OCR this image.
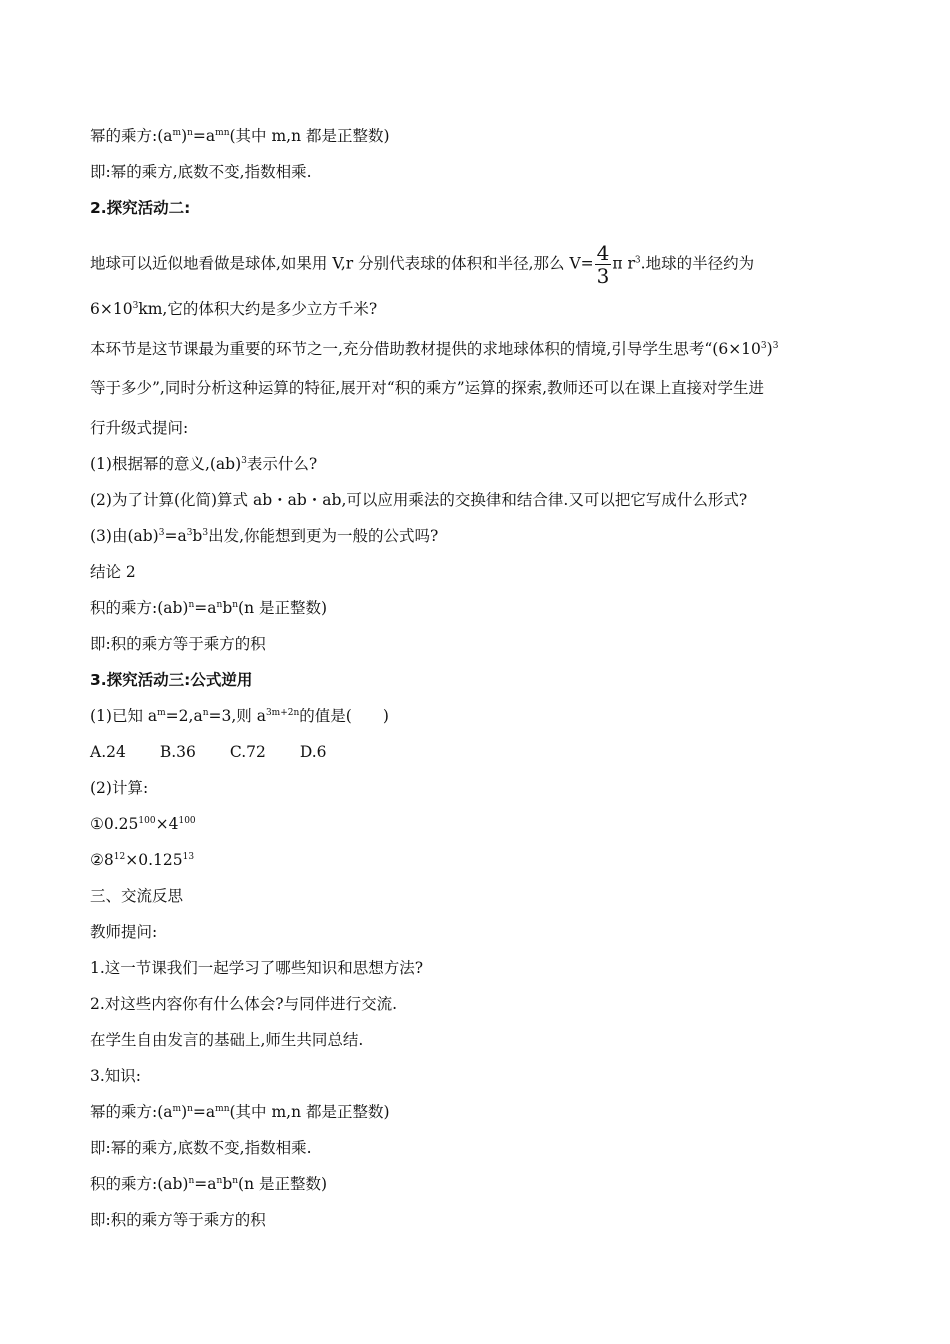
幂的乘方$:(a^m)^n=a^{mn}$(其中 m,n 都是正整数)
即:幂的乘方,底数不变,指数相乘.
2.探究活动二:
地球可以近似地看做是球体,如果用 V,r 分别代表球的体积和半径,那么 $V= \frac{4}{3}$ π $r^3$.地球的半径约为
$6\times 10^3km$,它的体积大约是多少立方千米?
本环节是这节课最为重要的环节之一,充分借助教材提供的求地球体积的情境,引导学生思考“$(6\times 10^3)^3$
等于多少”,同时分析这种运算的特征,展开对“积的乘方”运算的探索,教师还可以在课上直接对学生进
行升级式提问:
(1)根据幂的意义,(ab)$^3$表示什么?
(2)为了计算(化简)算式 ab・ab・ab,可以应用乘法的交换律和结合律.又可以把它写成什么形式?
(3)由$(ab)^3=a^3b^3$出发,你能想到更为一般的公式吗?
结论 2
积的乘方$:(ab)^n=a^nb^n(n$ 是正整数)
即:积的乘方等于乘方的积
3.探究活动三:公式逆用
(1)已知 $a^m=2,a^n=3$,则 $a^{3m+2n}$的值是(　　)
A.24 B.36 C.72 D.6
(2)计算:
$①0.25^{100}\times 4^{100}$
$②8^{12}\times 0.125^{13}$
三、交流反思
教师提问:
1.这一节课我们一起学习了哪些知识和思想方法?
2.对这些内容你有什么体会?与同伴进行交流.
在学生自由发言的基础上,师生共同总结.
3.知识:
幂的乘方$:(a^m)^n=a^{mn}$(其中 m,n 都是正整数)
即:幂的乘方,底数不变,指数相乘.
积的乘方$:(ab)^n=a^nb^n(n$ 是正整数)
即:积的乘方等于乘方的积
